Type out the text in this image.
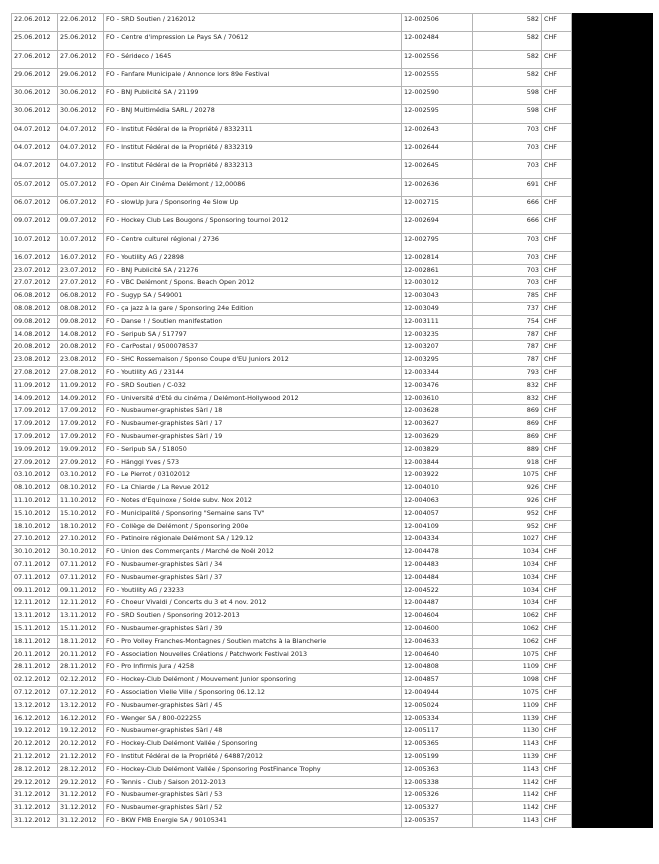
22.06.2012	22.06.2012	FO - SRD Soutien / 2162012	12-002506	582	CHF	
25.06.2012	25.06.2012	FO - Centre d'impression Le Pays SA / 70612	12-002484	582	CHF	
27.06.2012	27.06.2012	FO - Sérideco / 1645	12-002556	582	CHF	
29.06.2012	29.06.2012	FO - Fanfare Municipale / Annonce lors 89e Festival	12-002555	582	CHF	
30.06.2012	30.06.2012	FO - BNJ Publicité SA / 21199	12-002590	598	CHF	
30.06.2012	30.06.2012	FO - BNJ Multimédia SARL / 20278	12-002595	598	CHF	
04.07.2012	04.07.2012	FO - Institut Fédéral de la Propriété / 8332311	12-002643	703	CHF	
04.07.2012	04.07.2012	FO - Institut Fédéral de la Propriété / 8332319	12-002644	703	CHF	
04.07.2012	04.07.2012	FO - Institut Fédéral de la Propriété / 8332313	12-002645	703	CHF	
05.07.2012	05.07.2012	FO - Open Air Cinéma Delémont / 12,00086	12-002636	691	CHF	
06.07.2012	06.07.2012	FO - slowUp Jura / Sponsoring 4e Slow Up	12-002715	666	CHF	
09.07.2012	09.07.2012	FO - Hockey Club Les Bougons / Sponsoring tournoi 2012	12-002694	666	CHF	
10.07.2012	10.07.2012	FO - Centre culturel régional / 2736	12-002795	703	CHF	
16.07.2012	16.07.2012	FO - Youtility AG / 22898	12-002814	703	CHF	
23.07.2012	23.07.2012	FO - BNJ Publicité SA / 21276	12-002861	703	CHF	
27.07.2012	27.07.2012	FO - VBC Delémont / Spons. Beach Open 2012	12-003012	703	CHF	
06.08.2012	06.08.2012	FO - Sugyp SA / 549001	12-003043	785	CHF	
08.08.2012	08.08.2012	FO - ça jazz à la gare / Sponsoring 24e Edition	12-003049	737	CHF	
09.08.2012	09.08.2012	FO - Danse ! / Soutien manifestation	12-003111	754	CHF	
14.08.2012	14.08.2012	FO - Seripub SA / 517797	12-003235	787	CHF	
20.08.2012	20.08.2012	FO - CarPostal / 9500078537	12-003207	787	CHF	
23.08.2012	23.08.2012	FO - SHC Rossemaison / Sponso Coupe d'EU Juniors 2012	12-003295	787	CHF	
27.08.2012	27.08.2012	FO - Youtility AG / 23144	12-003344	793	CHF	
11.09.2012	11.09.2012	FO - SRD Soutien / C-032	12-003476	832	CHF	
14.09.2012	14.09.2012	FO - Université d'Eté du cinéma / Delémont-Hollywood 2012	12-003610	832	CHF	
17.09.2012	17.09.2012	FO - Nusbaumer-graphistes Sàrl / 18	12-003628	869	CHF	
17.09.2012	17.09.2012	FO - Nusbaumer-graphistes Sàrl / 17	12-003627	869	CHF	
17.09.2012	17.09.2012	FO - Nusbaumer-graphistes Sàrl / 19	12-003629	869	CHF	
19.09.2012	19.09.2012	FO - Seripub SA / 518050	12-003829	889	CHF	
27.09.2012	27.09.2012	FO - Hänggi Yves / 573	12-003844	918	CHF	
03.10.2012	03.10.2012	FO - Le Pierrot / 03102012	12-003922	1075	CHF	
08.10.2012	08.10.2012	FO - La Chiarde / La Revue 2012	12-004010	926	CHF	
11.10.2012	11.10.2012	FO - Notes d'Equinoxe / Solde subv. Nox 2012	12-004063	926	CHF	
15.10.2012	15.10.2012	FO - Municipalité / Sponsoring "Semaine sans TV"	12-004057	952	CHF	
18.10.2012	18.10.2012	FO - Collège de Delémont / Sponsoring 200e	12-004109	952	CHF	
27.10.2012	27.10.2012	FO - Patinoire régionale Delémont SA / 129.12	12-004334	1027	CHF	
30.10.2012	30.10.2012	FO - Union des Commerçants / Marché de Noël 2012	12-004478	1034	CHF	
07.11.2012	07.11.2012	FO - Nusbaumer-graphistes Sàrl / 34	12-004483	1034	CHF	
07.11.2012	07.11.2012	FO - Nusbaumer-graphistes Sàrl / 37	12-004484	1034	CHF	
09.11.2012	09.11.2012	FO - Youtility AG / 23233	12-004522	1034	CHF	
12.11.2012	12.11.2012	FO - Choeur Vivaldi / Concerts du 3 et 4 nov. 2012	12-004487	1034	CHF	
13.11.2012	13.11.2012	FO - SRD Soutien / Sponsoring 2012-2013	12-004604	1062	CHF	
15.11.2012	15.11.2012	FO - Nusbaumer-graphistes Sàrl / 39	12-004600	1062	CHF	
18.11.2012	18.11.2012	FO - Pro Volley Franches-Montagnes / Soutien matchs à la Blancherie	12-004633	1062	CHF	
20.11.2012	20.11.2012	FO - Association Nouvelles Créations / Patchwork Festival 2013	12-004640	1075	CHF	
28.11.2012	28.11.2012	FO - Pro Infirmis Jura / 4258	12-004808	1109	CHF	
02.12.2012	02.12.2012	FO - Hockey-Club Delémont / Mouvement Junior sponsoring	12-004857	1098	CHF	
07.12.2012	07.12.2012	FO - Association Vielle Ville / Sponsoring 06.12.12	12-004944	1075	CHF	
13.12.2012	13.12.2012	FO - Nusbaumer-graphistes Sàrl / 45	12-005024	1109	CHF	
16.12.2012	16.12.2012	FO - Wenger SA / 800-022255	12-005334	1139	CHF	
19.12.2012	19.12.2012	FO - Nusbaumer-graphistes Sàrl / 48	12-005117	1130	CHF	
20.12.2012	20.12.2012	FO - Hockey-Club Delémont Vallée / Sponsoring	12-005365	1143	CHF	
21.12.2012	21.12.2012	FO - Institut Fédéral de la Propriété / 64887/2012	12-005199	1139	CHF	
28.12.2012	28.12.2012	FO - Hockey-Club Delémont Vallée / Sponsoring PostFinance Trophy	12-005363	1143	CHF	
29.12.2012	29.12.2012	FO - Tennis - Club / Saison 2012-2013	12-005338	1142	CHF	
31.12.2012	31.12.2012	FO - Nusbaumer-graphistes Sàrl / 53	12-005326	1142	CHF	
31.12.2012	31.12.2012	FO - Nusbaumer-graphistes Sàrl / 52	12-005327	1142	CHF	
31.12.2012	31.12.2012	FO - BKW FMB Energie SA / 90105341	12-005357	1143	CHF	
